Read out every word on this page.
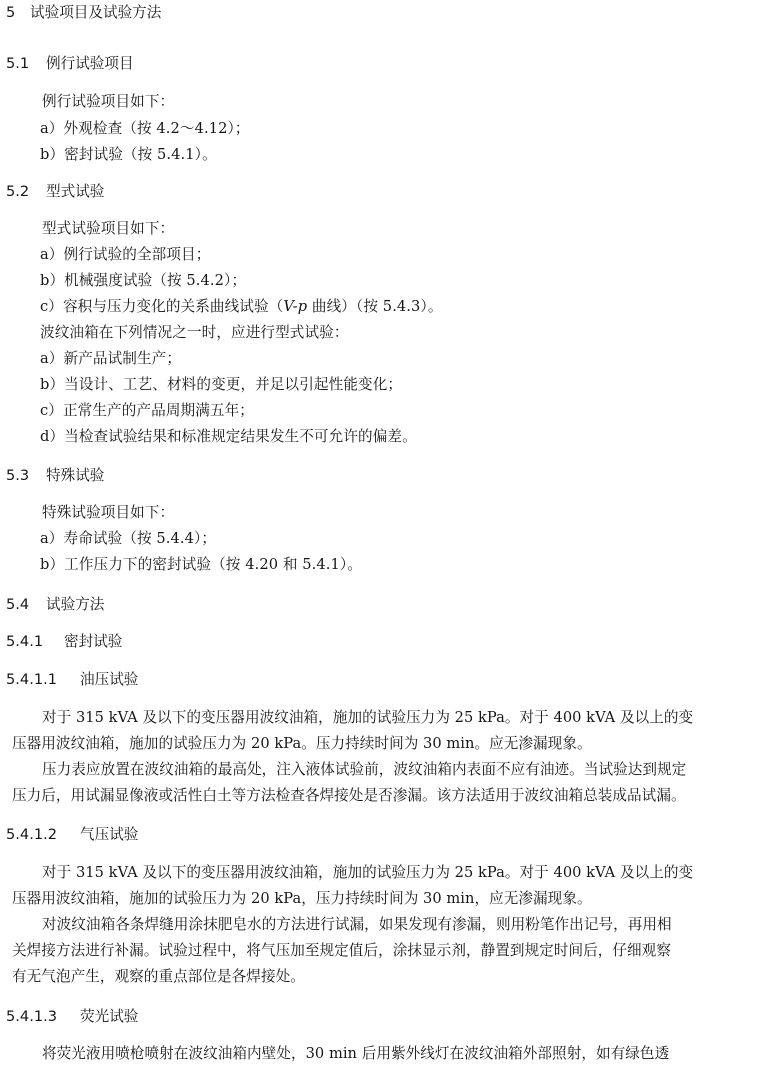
5 试验项目及试验方法
5.1 例行试验项目
例行试验项目如下：
a）外观检查（按 4.2～4.12）；
b）密封试验（按 5.4.1）。
5.2 型式试验
型式试验项目如下：
a）例行试验的全部项目；
b）机械强度试验（按 5.4.2）；
c）容积与压力变化的关系曲线试验（V-p 曲线）（按 5.4.3）。
波纹油箱在下列情况之一时，应进行型式试验：
a）新产品试制生产；
b）当设计、工艺、材料的变更，并足以引起性能变化；
c）正常生产的产品周期满五年；
d）当检查试验结果和标准规定结果发生不可允许的偏差。
5.3 特殊试验
特殊试验项目如下：
a）寿命试验（按 5.4.4）；
b）工作压力下的密封试验（按 4.20 和 5.4.1）。
5.4 试验方法
5.4.1 密封试验
5.4.1.1 油压试验
对于 315 kVA 及以下的变压器用波纹油箱，施加的试验压力为 25 kPa。对于 400 kVA 及以上的变
压器用波纹油箱，施加的试验压力为 20 kPa。压力持续时间为 30 min。应无渗漏现象。
压力表应放置在波纹油箱的最高处，注入液体试验前，波纹油箱内表面不应有油迹。当试验达到规定
压力后，用试漏显像液或活性白土等方法检查各焊接处是否渗漏。该方法适用于波纹油箱总装成品试漏。
5.4.1.2 气压试验
对于 315 kVA 及以下的变压器用波纹油箱，施加的试验压力为 25 kPa。对于 400 kVA 及以上的变
压器用波纹油箱，施加的试验压力为 20 kPa，压力持续时间为 30 min，应无渗漏现象。
对波纹油箱各条焊缝用涂抹肥皂水的方法进行试漏，如果发现有渗漏，则用粉笔作出记号，再用相
关焊接方法进行补漏。试验过程中，将气压加至规定值后，涂抹显示剂，静置到规定时间后，仔细观察
有无气泡产生，观察的重点部位是各焊接处。
5.4.1.3 荧光试验
将荧光液用喷枪喷射在波纹油箱内壁处，30 min 后用紫外线灯在波纹油箱外部照射，如有绿色透
